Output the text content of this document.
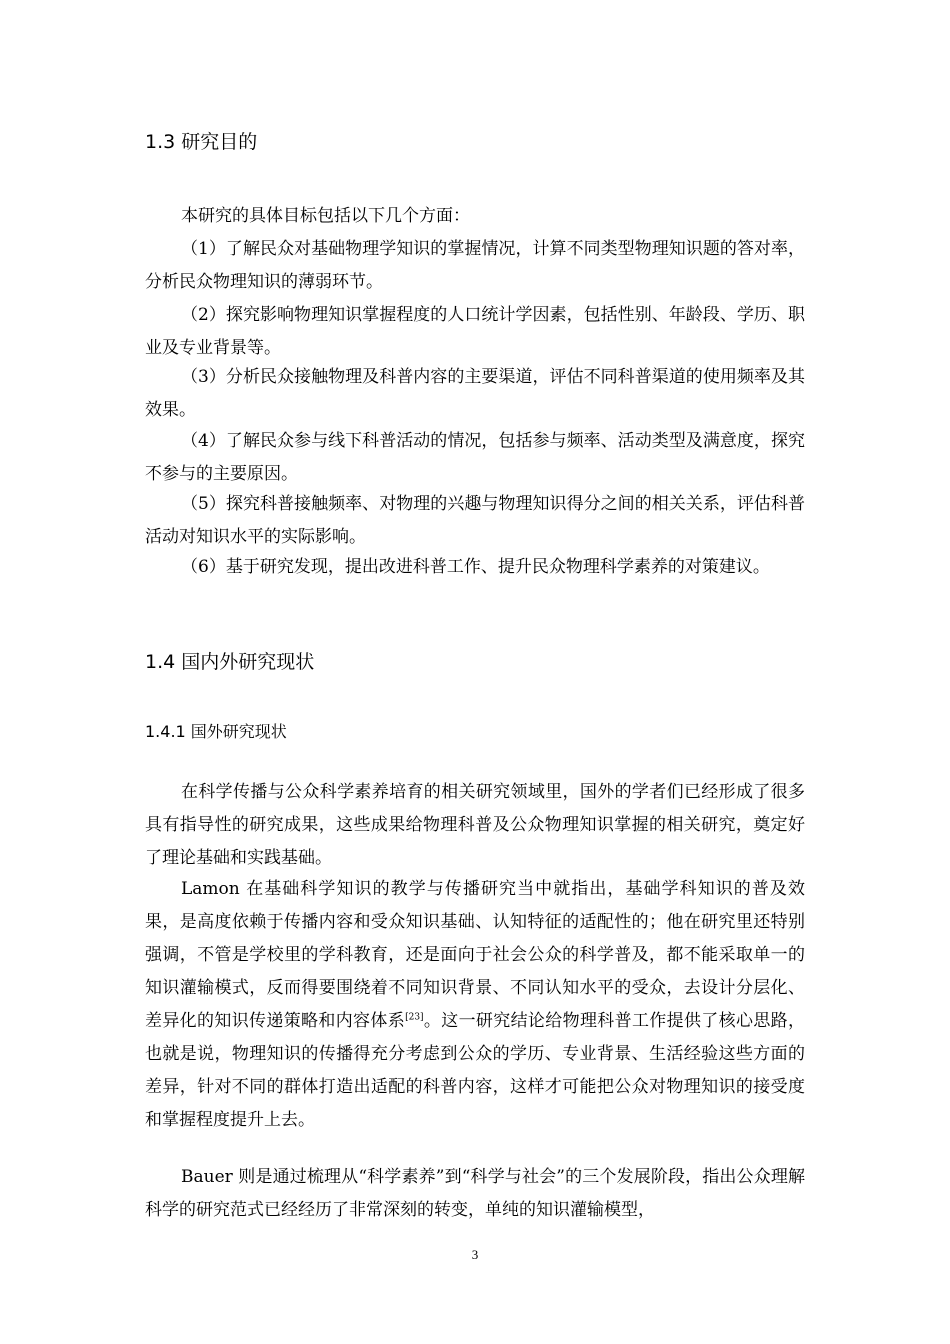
1.3 研究目的

本研究的具体目标包括以下几个方面：

（1）了解民众对基础物理学知识的掌握情况，计算不同类型物理知识题的答对率，分析民众物理知识的薄弱环节。

（2）探究影响物理知识掌握程度的人口统计学因素，包括性别、年龄段、学历、职业及专业背景等。

（3）分析民众接触物理及科普内容的主要渠道，评估不同科普渠道的使用频率及其效果。

（4）了解民众参与线下科普活动的情况，包括参与频率、活动类型及满意度，探究不参与的主要原因。

（5）探究科普接触频率、对物理的兴趣与物理知识得分之间的相关关系，评估科普活动对知识水平的实际影响。

（6）基于研究发现，提出改进科普工作、提升民众物理科学素养的对策建议。

1.4 国内外研究现状
1.4.1 国外研究现状

在科学传播与公众科学素养培育的相关研究领域里，国外的学者们已经形成了很多具有指导性的研究成果，这些成果给物理科普及公众物理知识掌握的相关研究，奠定好了理论基础和实践基础。

Lamon 在基础科学知识的教学与传播研究当中就指出，基础学科知识的普及效果，是高度依赖于传播内容和受众知识基础、认知特征的适配性的；他在研究里还特别强调，不管是学校里的学科教育，还是面向于社会公众的科学普及，都不能采取单一的知识灌输模式，反而得要围绕着不同知识背景、不同认知水平的受众，去设计分层化、差异化的知识传递策略和内容体系[23]。这一研究结论给物理科普工作提供了核心思路，也就是说，物理知识的传播得充分考虑到公众的学历、专业背景、生活经验这些方面的差异，针对不同的群体打造出适配的科普内容，这样才可能把公众对物理知识的接受度和掌握程度提升上去。

Bauer 则是通过梳理从“科学素养”到“科学与社会”的三个发展阶段，指出公众理解科学的研究范式已经经历了非常深刻的转变，单纯的知识灌输模型，

3
